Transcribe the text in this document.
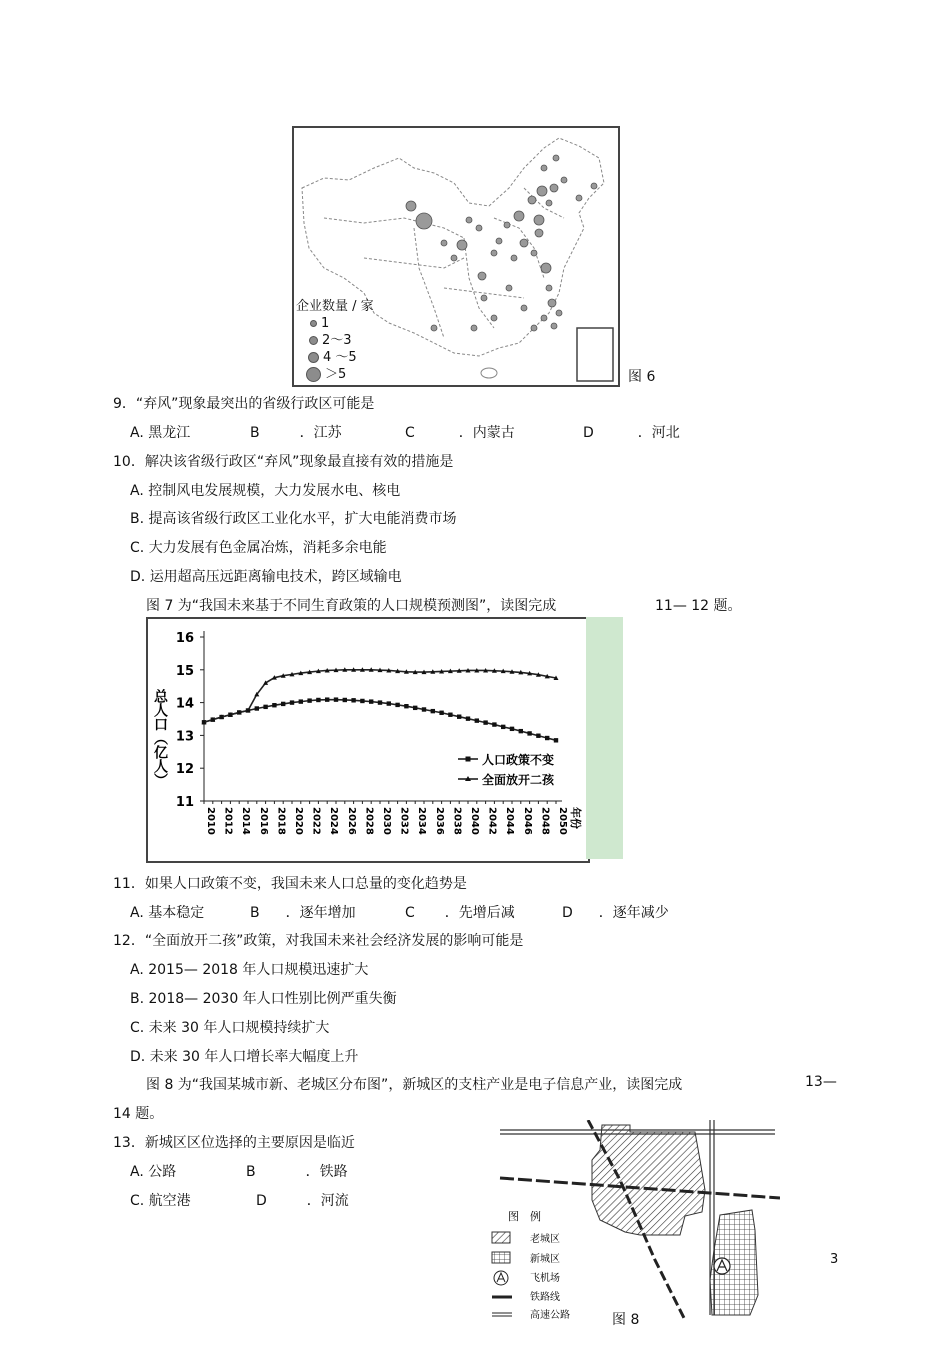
企业数量 / 家
1
2～3
4 ～5
＞5	图 6
9．“弃风”现象最突出的省级行政区可能是
A. 黑龙江	B	．江苏	C	．内蒙古	D	．河北
10．解决该省级行政区“弃风”现象最直接有效的措施是
A. 控制风电发展规模，大力发展水电、核电
B. 提高该省级行政区工业化水平，扩大电能消费市场
C. 大力发展有色金属冶炼，消耗多余电能
D. 运用超高压远距离输电技术，跨区域输电
图 7 为“我国未来基于不同生育政策的人口规模预测图”，读图完成	11— 12 题。
11
12
13
14
15
16
2010 2012 2014 2016 2018 2020 2022 2024 2026 2028 2030 2032 2034 2036 2038 2040 2042 2044 2046 2048 2050 年份
总人口（亿人）	人口政策不变
全面放开二孩
11．如果人口政策不变，我国未来人口总量的变化趋势是
A. 基本稳定	B ．逐年增加	C ．先增后减	D ．逐年减少
12．“全面放开二孩”政策，对我国未来社会经济发展的影响可能是
A. 2015— 2018 年人口规模迅速扩大
B. 2018— 2030 年人口性别比例严重失衡
C. 未来 30 年人口规模持续扩大
D. 未来 30 年人口增长率大幅度上升
图 8 为“我国某城市新、老城区分布图”，新城区的支柱产业是电子信息产业，读图完成	13—
14 题。
13．新城区区位选择的主要原因是临近
A. 公路	B	．铁路
C. 航空港	D	．河流
图　例
老城区
新城区
飞机场
铁路线
高速公路	图 8
3
